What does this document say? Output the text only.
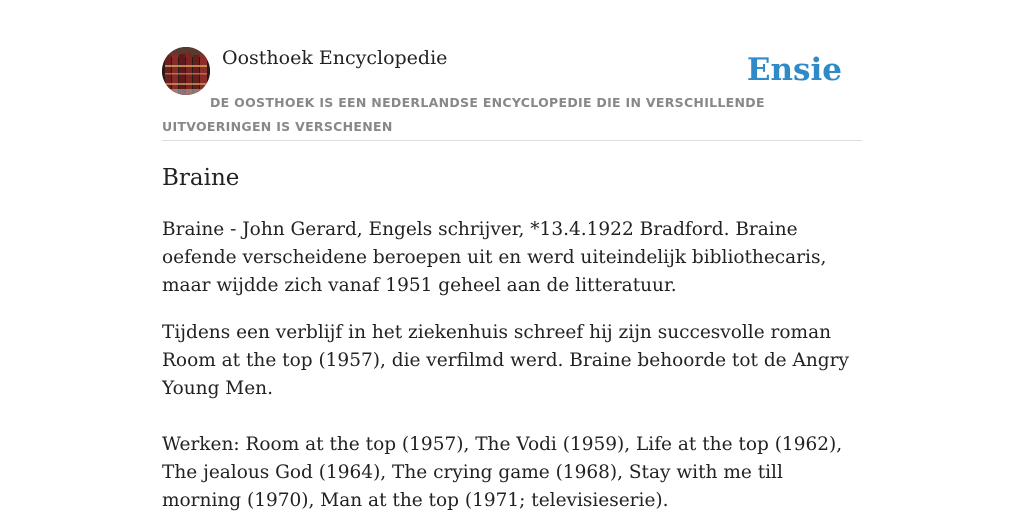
Oosthoek Encyclopedie	Ensie
DE OOSTHOEK IS EEN NEDERLANDSE ENCYCLOPEDIE DIE IN VERSCHILLENDE UITVOERINGEN IS VERSCHENEN
Braine

Braine - John Gerard, Engels schrijver, *13.4.1922 Bradford. Braine oefende verscheidene beroepen uit en werd uiteindelijk bibliothecaris, maar wijdde zich vanaf 1951 geheel aan de litteratuur.

Tijdens een verblijf in het ziekenhuis schreef hij zijn succesvolle roman Room at the top (1957), die verfilmd werd. Braine behoorde tot de Angry Young Men.

Werken: Room at the top (1957), The Vodi (1959), Life at the top (1962), The jealous God (1964), The crying game (1968), Stay with me till morning (1970), Man at the top (1971; televisieserie).
